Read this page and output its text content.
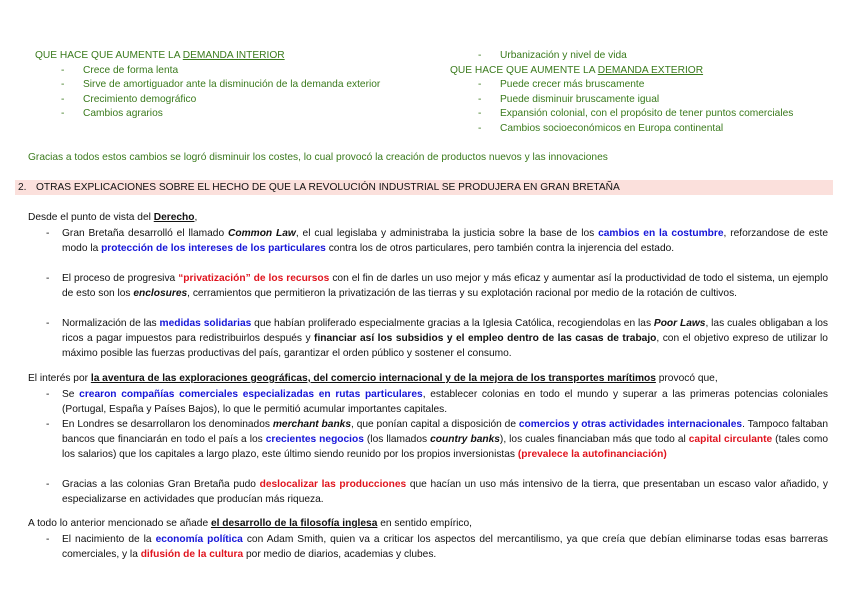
QUE HACE QUE AUMENTE LA DEMANDA INTERIOR
- Crece de forma lenta
- Sirve de amortiguador ante la disminución de la demanda exterior
- Crecimiento demográfico
- Cambios agrarios
- Urbanización y nivel de vida
QUE HACE QUE AUMENTE LA DEMANDA EXTERIOR
- Puede crecer más bruscamente
- Puede disminuir bruscamente igual
- Expansión colonial, con el propósito de tener puntos comerciales
- Cambios socioeconómicos en Europa continental
Gracias a todos estos cambios se logró disminuir los costes, lo cual provocó la creación de productos nuevos y las innovaciones
2. OTRAS EXPLICACIONES SOBRE EL HECHO DE QUE LA REVOLUCIÓN INDUSTRIAL SE PRODUJERA EN GRAN BRETAÑA
Desde el punto de vista del Derecho,
- Gran Bretaña desarrolló el llamado Common Law, el cual legislaba y administraba la justicia sobre la base de los cambios en la costumbre, reforzandose de este modo la protección de los intereses de los particulares contra los de otros particulares, pero también contra la injerencia del estado.
- El proceso de progresiva “privatización” de los recursos con el fin de darles un uso mejor y más eficaz y aumentar así la productividad de todo el sistema, un ejemplo de esto son los enclosures, cerramientos que permitieron la privatización de las tierras y su explotación racional por medio de la rotación de cultivos.
- Normalización de las medidas solidarias que habían proliferado especialmente gracias a la Iglesia Católica, recogiendolas en las Poor Laws, las cuales obligaban a los ricos a pagar impuestos para redistribuirlos después y financiar así los subsidios y el empleo dentro de las casas de trabajo, con el objetivo expreso de utilizar lo máximo posible las fuerzas productivas del país, garantizar el orden público y sostener el consumo.
El interés por la aventura de las exploraciones geográficas, del comercio internacional y de la mejora de los transportes marítimos provocó que,
- Se crearon compañías comerciales especializadas en rutas particulares, establecer colonias en todo el mundo y superar a las primeras potencias coloniales (Portugal, España y Países Bajos), lo que le permitió acumular importantes capitales.
- En Londres se desarrollaron los denominados merchant banks, que ponían capital a disposición de comercios y otras actividades internacionales. Tampoco faltaban bancos que financiarán en todo el país a los crecientes negocios (los llamados country banks), los cuales financiaban más que todo al capital circulante (tales como los salarios) que los capitales a largo plazo, este último siendo reunido por los propios inversionistas (prevalece la autofinanciación)
- Gracias a las colonias Gran Bretaña pudo deslocalizar las producciones que hacían un uso más intensivo de la tierra, que presentaban un escaso valor añadido, y especializarse en actividades que producían más riqueza.
A todo lo anterior mencionado se añade el desarrollo de la filosofía inglesa en sentido empírico,
- El nacimiento de la economía política con Adam Smith, quien va a criticar los aspectos del mercantilismo, ya que creía que debían eliminarse todas esas barreras comerciales, y la difusión de la cultura por medio de diarios, academias y clubes.
